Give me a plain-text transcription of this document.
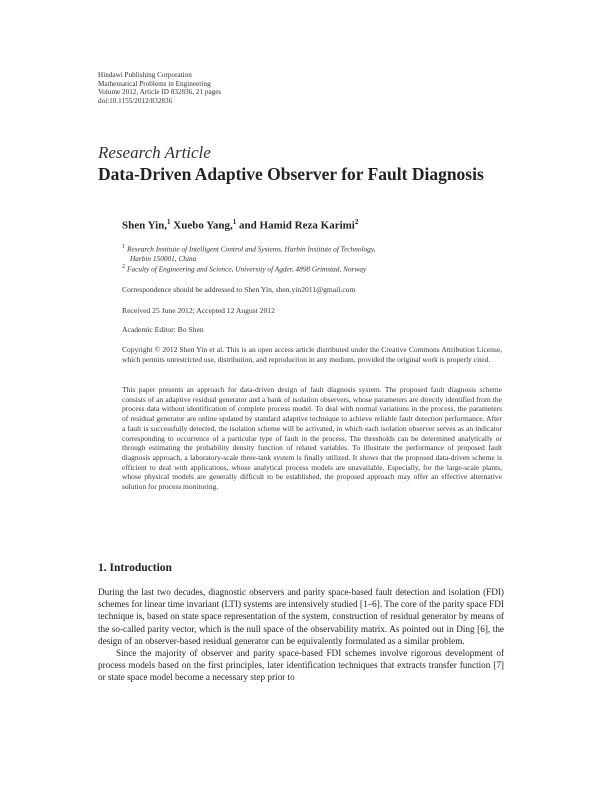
Hindawi Publishing Corporation
Mathematical Problems in Engineering
Volume 2012, Article ID 832836, 21 pages
doi:10.1155/2012/832836
Research Article
Data-Driven Adaptive Observer for Fault Diagnosis
Shen Yin,$^1$ Xuebo Yang,$^1$ and Hamid Reza Karimi$^2$
$^1$ Research Institute of Intelligent Control and Systems, Harbin Institute of Technology,
Harbin 150001, China
$^2$ Faculty of Engineering and Science, University of Agder, 4898 Grimstad, Norway
Correspondence should be addressed to Shen Yin, shen.yin2011@gmail.com
Received 25 June 2012; Accepted 12 August 2012
Academic Editor: Bo Shen
Copyright © 2012 Shen Yin et al. This is an open access article distributed under the Creative Commons Attribution License, which permits unrestricted use, distribution, and reproduction in any medium, provided the original work is properly cited.
This paper presents an approach for data-driven design of fault diagnosis system. The proposed fault diagnosis scheme consists of an adaptive residual generator and a bank of isolation observers, whose parameters are directly identified from the process data without identification of complete process model. To deal with normal variations in the process, the parameters of residual generator are online updated by standard adaptive technique to achieve reliable fault detection performance. After a fault is successfully detected, the isolation scheme will be activated, in which each isolation observer serves as an indicator corresponding to occurrence of a particular type of fault in the process. The thresholds can be determined analytically or through estimating the probability density function of related variables. To illustrate the performance of proposed fault diagnosis approach, a laboratory-scale three-tank system is finally utilized. It shows that the proposed data-driven scheme is efficient to deal with applications, whose analytical process models are unavailable. Especially, for the large-scale plants, whose physical models are generally difficult to be established, the proposed approach may offer an effective alternative solution for process monitoring.
1. Introduction

During the last two decades, diagnostic observers and parity space-based fault detection and isolation (FDI) schemes for linear time invariant (LTI) systems are intensively studied [1–6]. The core of the parity space FDI technique is, based on state space representation of the system, construction of residual generator by means of the so-called parity vector, which is the null space of the observability matrix. As pointed out in Ding [6], the design of an observer-based residual generator can be equivalently formulated as a similar problem.

Since the majority of observer and parity space-based FDI schemes involve rigorous development of process models based on the first principles, later identification techniques that extracts transfer function [7] or state space model become a necessary step prior to
